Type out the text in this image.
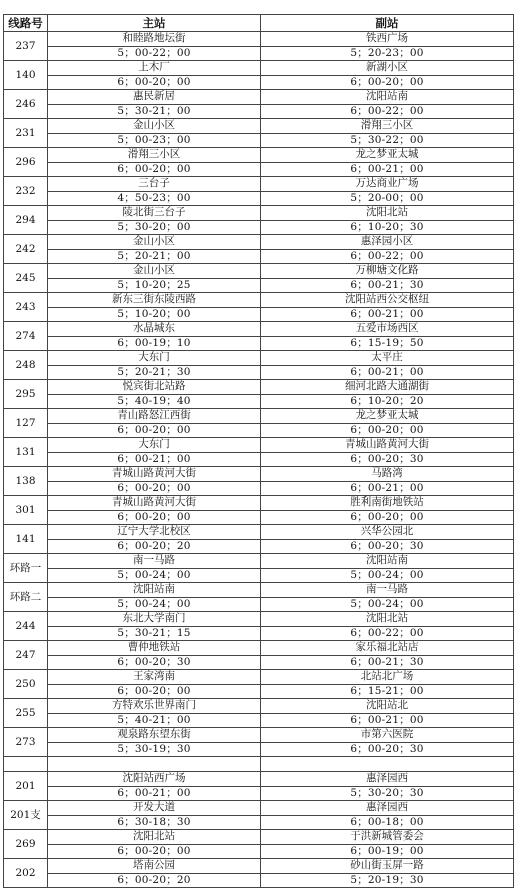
线路号	主站	副站
237	和睦路地坛街	铁西广场
	5；00-22；00	5；20-23；00
140	上木厂	新湖小区
	6；00-20；00	6；00-20；00
246	惠民新居	沈阳站南
	5；30-21；00	6；00-22；00
231	金山小区	滑翔三小区
	5；00-23；00	5；30-22；00
296	滑翔三小区	龙之梦亚太城
	6；00-20；00	6；00-21；00
232	三台子	万达商业广场
	4；50-23；00	5；20-00；00
294	陵北街三台子	沈阳北站
	5；30-20；00	6；10-20；30
242	金山小区	惠泽园小区
	5；20-21；00	6；00-22；00
245	金山小区	万柳塘文化路
	5；10-20；25	6；00-21；30
243	新东三街东陵西路	沈阳站西公交枢纽
	5；10-20；00	6；00-21；00
274	水晶城东	五爱市场西区
	6；00-19；10	6；15-19；50
248	大东门	太平庄
	5；20-21；30	6；00-21；00
295	悦宾街北站路	细河北路大通湖街
	5；40-19；40	6；10-20；20
127	青山路怒江西街	龙之梦亚太城
	6；00-20；00	6；00-20；00
131	大东门	青城山路黄河大街
	6；00-21；00	6；00-20；30
138	青城山路黄河大街	马路湾
	6；00-20；00	6；00-21；00
301	青城山路黄河大街	胜利南街地铁站
	6；00-20；00	6；00-20；00
141	辽宁大学北校区	兴华公园北
	6；00-20；20	6；00-20；30
环路一	南一马路	沈阳站南
	5；00-24；00	5；00-24；00
环路二	沈阳站南	南一马路
	5；00-24；00	5；00-24；00
244	东北大学南门	沈阳北站
	5；30-21；15	6；00-22；00
247	曹仲地铁站	家乐福北站店
	6；00-20；30	6；00-21；30
250	王家湾南	北站北广场
	6；00-20；00	6；15-21；00
255	方特欢乐世界南门	沈阳站北
	5；40-21；00	6；00-21；00
273	观泉路东望东街	市第六医院
	5；30-19；30	6；00-20；30

201	沈阳站西广场	惠泽园西
	6；00-21；00	5；30-20；30
201支	开发大道	惠泽园西
	6；30-18；30	6；00-18；00
269	沈阳北站	于洪新城管委会
	6；00-20；00	6；00-19；00
202	塔南公园	砂山街玉屏一路
	6；00-20；20	5；20-19；30
